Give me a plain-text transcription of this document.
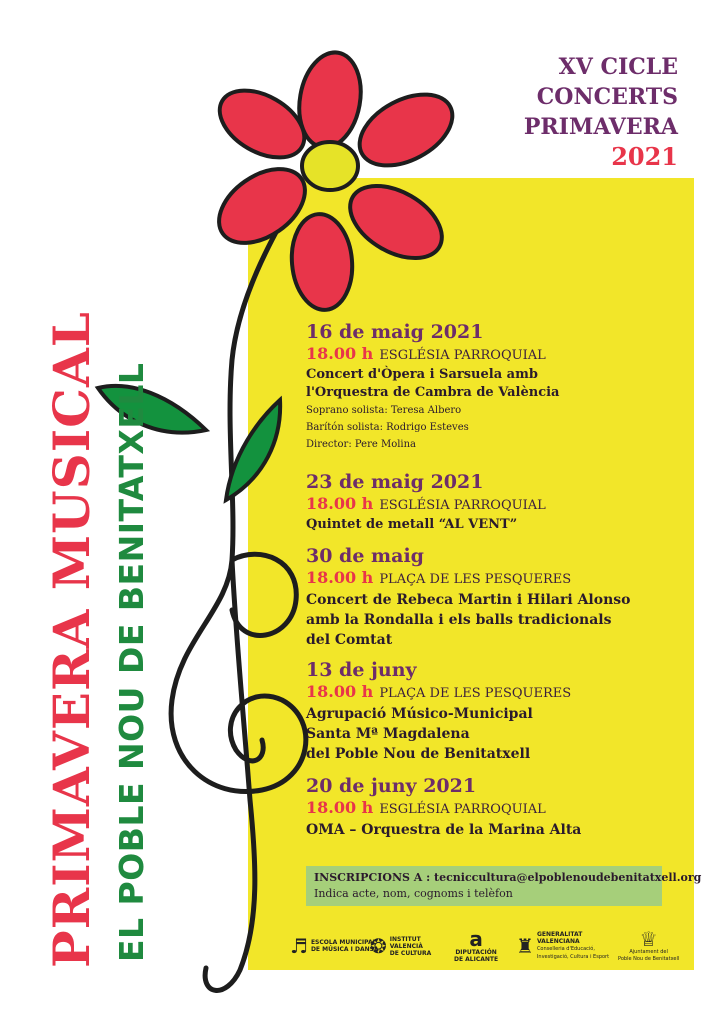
XV CICLE
CONCERTS
PRIMAVERA
2021
PRIMAVERA MUSICAL EL POBLE NOU DE BENITATXELL
16 de maig 2021
18.00 h ESGLÉSIA PARROQUIAL
Concert d'Òpera i Sarsuela amb
l'Orquestra de Cambra de València
Soprano solista: Teresa Albero
Barítón solista: Rodrigo Esteves
Director: Pere Molina
23 de maig 2021
18.00 h ESGLÉSIA PARROQUIAL
Quintet de metall “AL VENT”
30 de maig
18.00 h PLAÇA DE LES PESQUERES
Concert de Rebeca Martin i Hilari Alonso
amb la Rondalla i els balls tradicionals
del Comtat
13 de juny
18.00 h PLAÇA DE LES PESQUERES
Agrupació Músico-Municipal
Santa Mª Magdalena
del Poble Nou de Benitatxell
20 de juny 2021
18.00 h ESGLÉSIA PARROQUIAL
OMA – Orquestra de la Marina Alta
INSCRIPCIONS A : tecniccultura@elpoblenoudebenitatxell.org
Indica acte, nom, cognoms i telèfon
♬ ESCOLA MUNICIPAL
DE MÚSICA I DANSA
❂ INSTITUT
VALENCIÀ
DE CULTURA
a
DIPUTACIÓN
DE ALICANTE
♜ GENERALITAT
VALENCIANA
Conselleria d'Educació,
Investigació, Cultura i Esport
♕
Ajuntament del
Poble Nou de Benitatxell
